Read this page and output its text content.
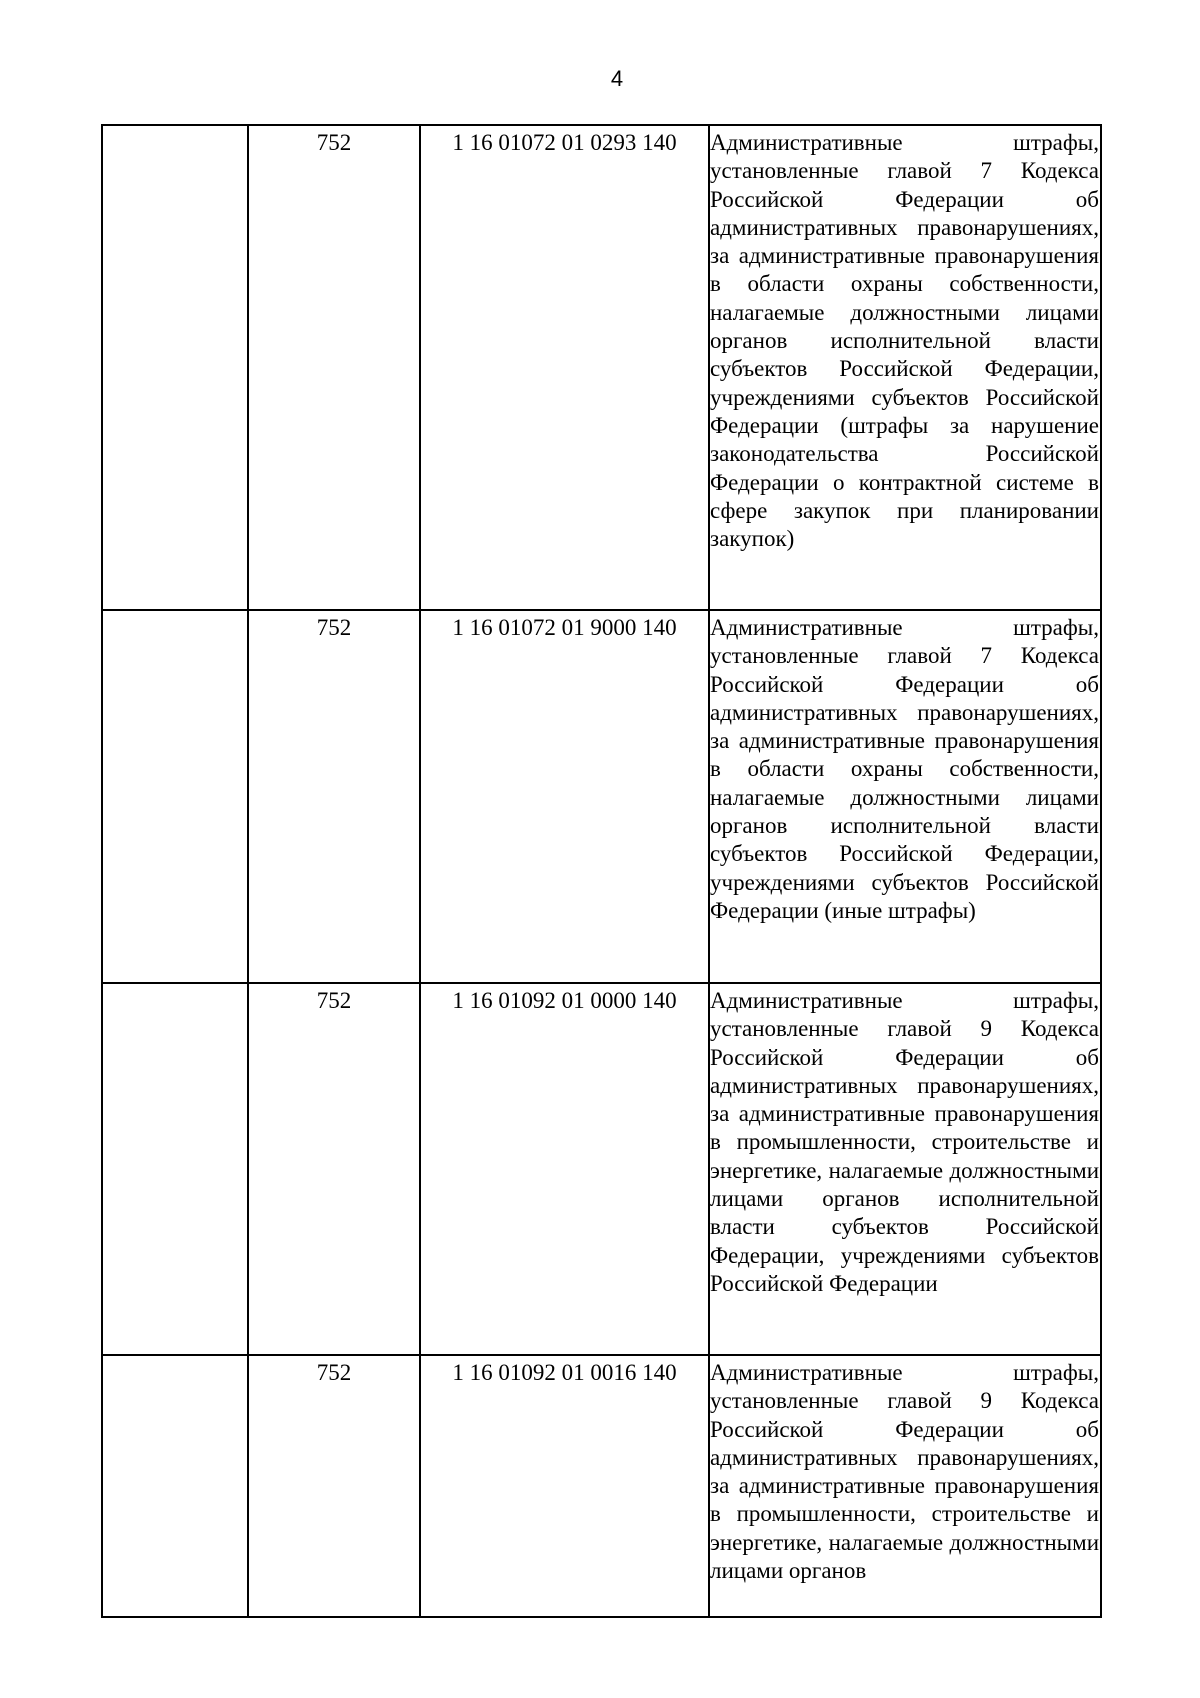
4
	752	1 16 01072 01 0293 140	Административные штрафы, установленные главой 7 Кодекса Российской Федерации об административных правонарушениях, за административные правонарушения в области охраны собственности, налагаемые должностными лицами органов исполнительной власти субъектов Российской Федерации, учреждениями субъектов Российской Федерации (штрафы за нарушение законодательства Российской Федерации о контрактной системе в сфере закупок при планировании закупок)

	752	1 16 01072 01 9000 140	Административные штрафы, установленные главой 7 Кодекса Российской Федерации об административных правонарушениях, за административные правонарушения в области охраны собственности, налагаемые должностными лицами органов исполнительной власти субъектов Российской Федерации, учреждениями субъектов Российской Федерации (иные штрафы)

	752	1 16 01092 01 0000 140	Административные штрафы, установленные главой 9 Кодекса Российской Федерации об административных правонарушениях, за административные правонарушения в промышленности, строительстве и энергетике, налагаемые должностными лицами органов исполнительной власти субъектов Российской Федерации, учреждениями субъектов Российской Федерации

	752	1 16 01092 01 0016 140	Административные штрафы, установленные главой 9 Кодекса Российской Федерации об административных правонарушениях, за административные правонарушения в промышленности, строительстве и энергетике, налагаемые должностными лицами органов
